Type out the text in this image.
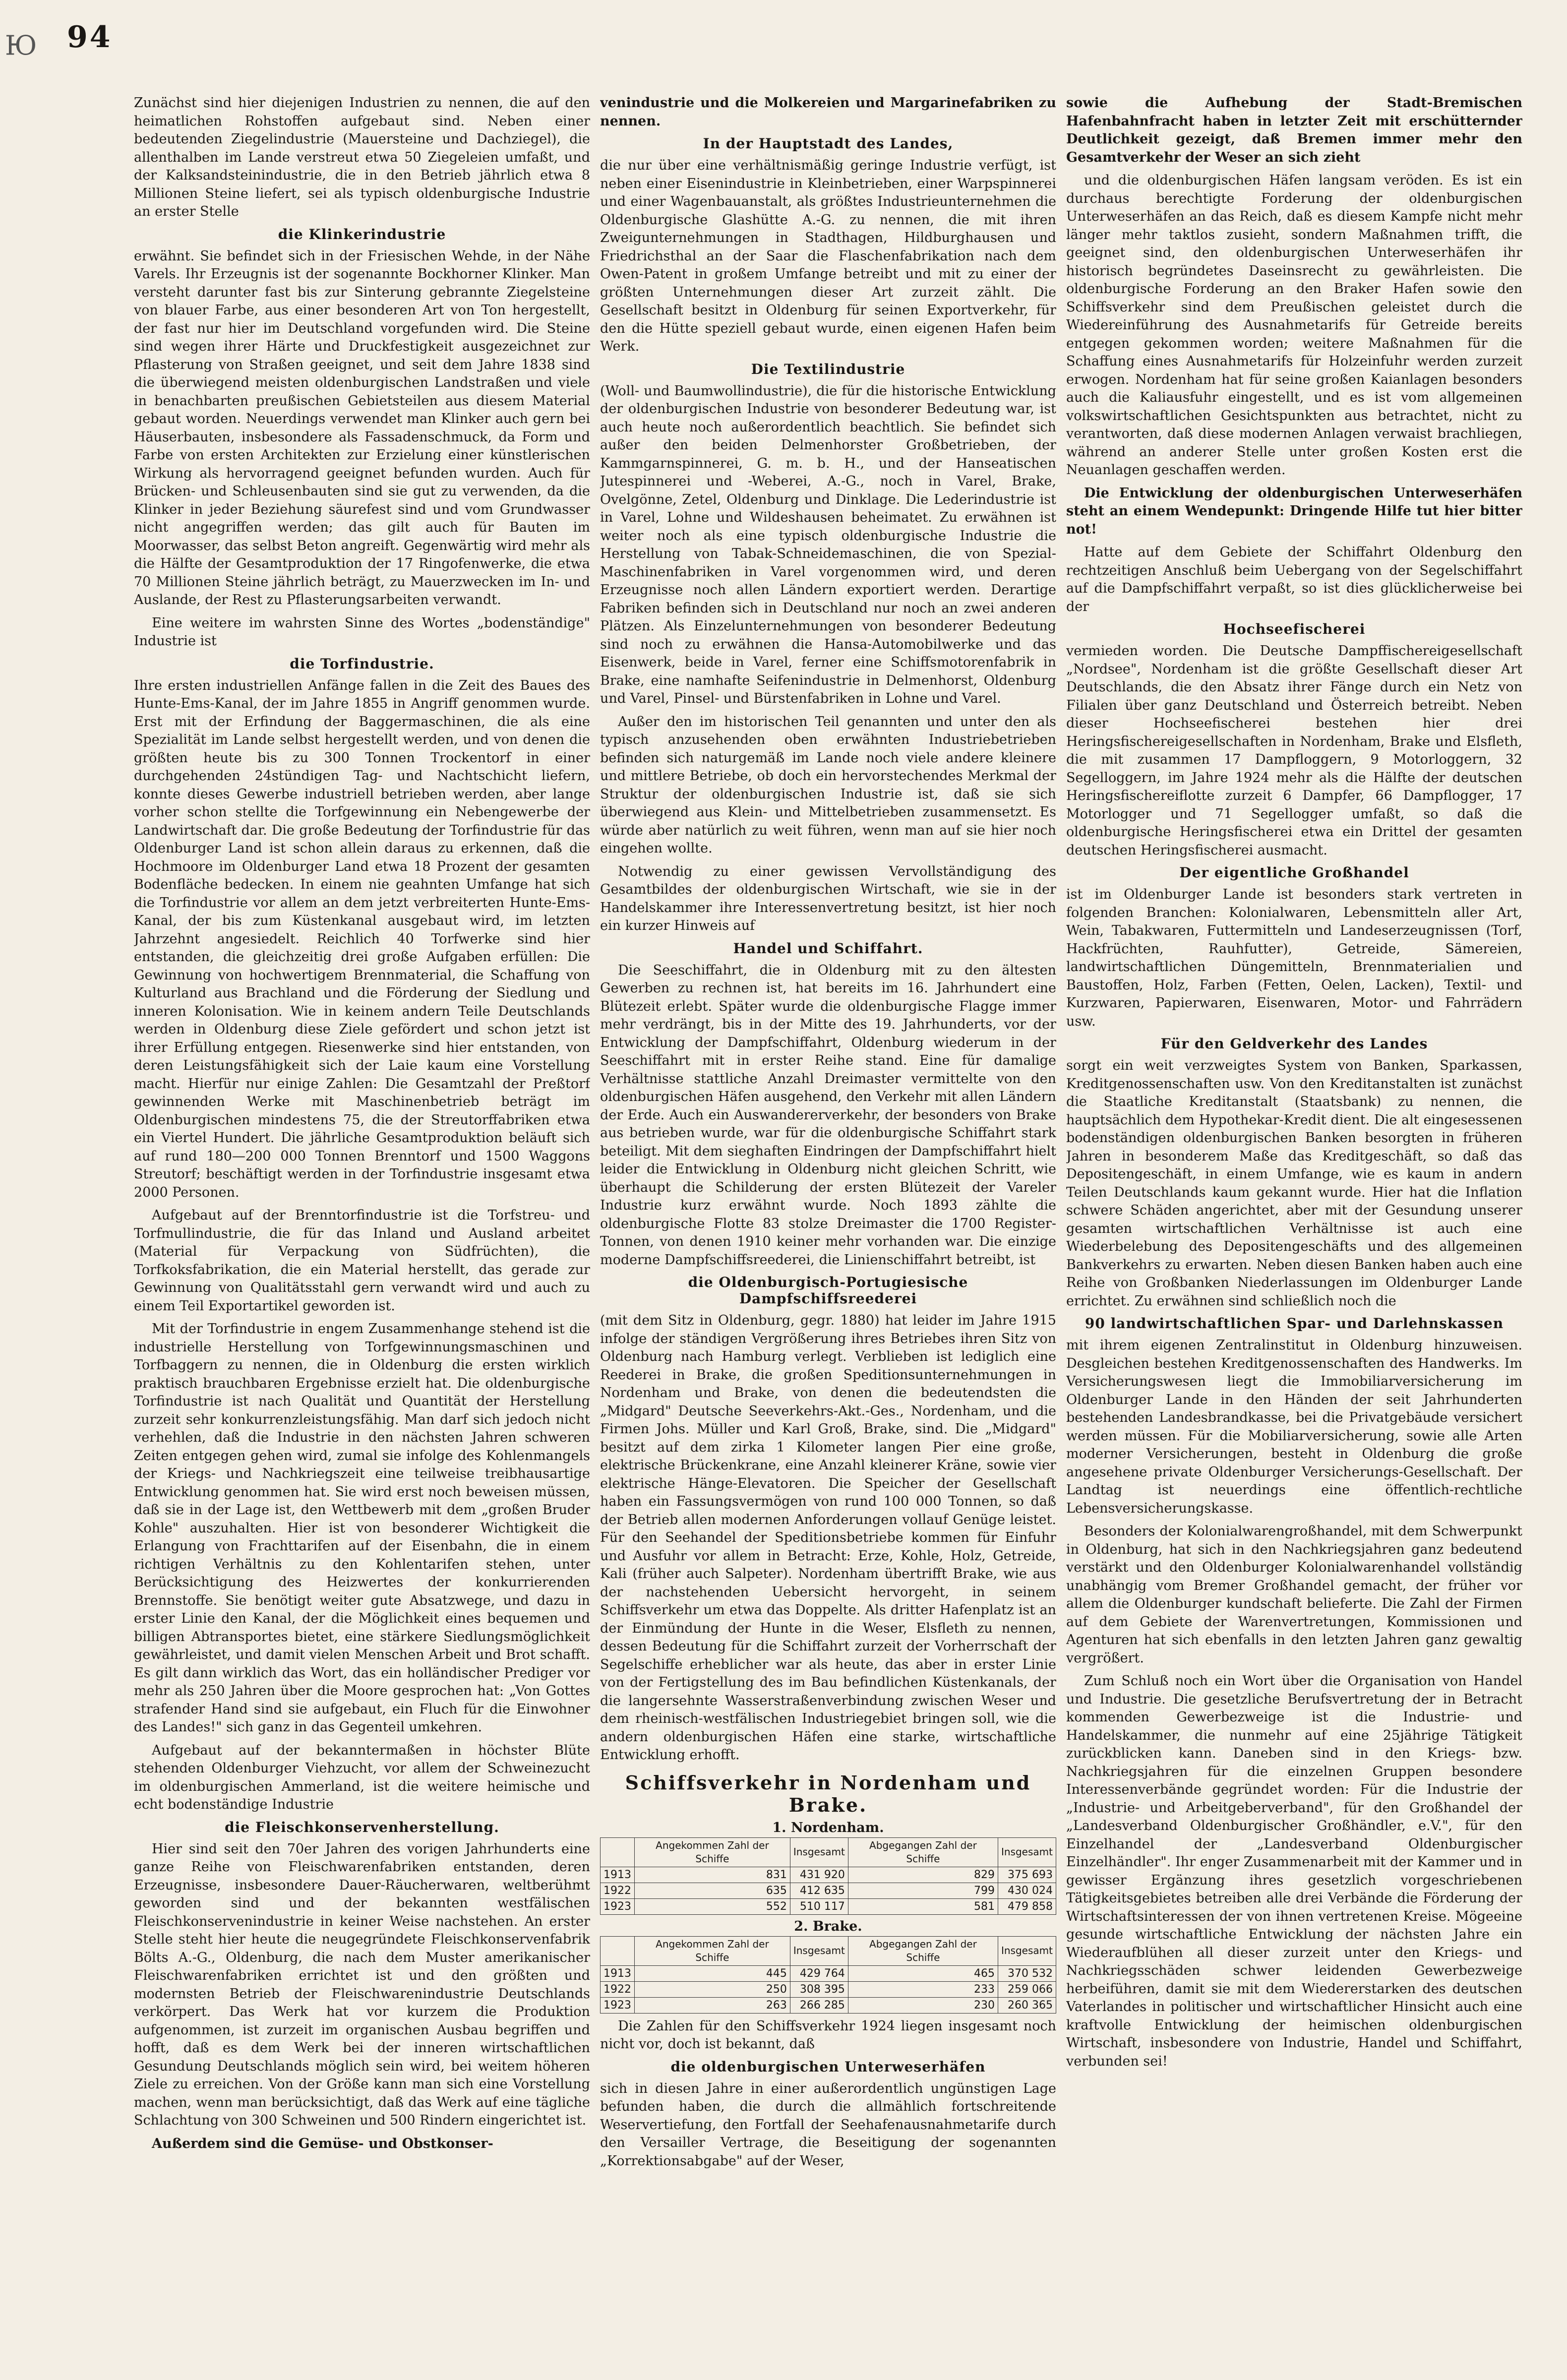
Ю 94

Zunächst sind hier diejenigen Industrien zu nennen, die auf den heimatlichen Rohstoffen aufgebaut sind. Neben einer bedeutenden Ziegelindustrie (Mauersteine und Dachziegel), die allenthalben im Lande verstreut etwa 50 Ziegeleien umfaßt, und der Kalksandsteinindustrie, die in den Betrieb jährlich etwa 8 Millionen Steine liefert, sei als typisch oldenburgische Industrie an erster Stelle

die Klinkerindustrie

erwähnt. Sie befindet sich in der Friesischen Wehde, in der Nähe Varels. Ihr Erzeugnis ist der sogenannte Bockhorner Klinker. Man versteht darunter fast bis zur Sinterung gebrannte Ziegelsteine von blauer Farbe, aus einer besonderen Art von Ton hergestellt, der fast nur hier im Deutschland vorgefunden wird. Die Steine sind wegen ihrer Härte und Druckfestigkeit ausgezeichnet zur Pflasterung von Straßen geeignet, und seit dem Jahre 1838 sind die überwiegend meisten oldenburgischen Landstraßen und viele in benachbarten preußischen Gebietsteilen aus diesem Material gebaut worden. Neuerdings verwendet man Klinker auch gern bei Häuserbauten, insbesondere als Fassadenschmuck, da Form und Farbe von ersten Architekten zur Erzielung einer künstlerischen Wirkung als hervorragend geeignet befunden wurden. Auch für Brücken- und Schleusenbauten sind sie gut zu verwenden, da die Klinker in jeder Beziehung säurefest sind und vom Grundwasser nicht angegriffen werden; das gilt auch für Bauten im Moorwasser, das selbst Beton angreift. Gegenwärtig wird mehr als die Hälfte der Gesamtproduktion der 17 Ringofenwerke, die etwa 70 Millionen Steine jährlich beträgt, zu Mauerzwecken im In- und Auslande, der Rest zu Pflasterungsarbeiten verwandt.

Eine weitere im wahrsten Sinne des Wortes „bodenständige" Industrie ist

die Torfindustrie.

Ihre ersten industriellen Anfänge fallen in die Zeit des Baues des Hunte-Ems-Kanal, der im Jahre 1855 in Angriff genommen wurde. Erst mit der Erfindung der Baggermaschinen, die als eine Spezialität im Lande selbst hergestellt werden, und von denen die größten heute bis zu 300 Tonnen Trockentorf in einer durchgehenden 24stündigen Tag- und Nachtschicht liefern, konnte dieses Gewerbe industriell betrieben werden, aber lange vorher schon stellte die Torfgewinnung ein Nebengewerbe der Landwirtschaft dar. Die große Bedeutung der Torfindustrie für das Oldenburger Land ist schon allein daraus zu erkennen, daß die Hochmoore im Oldenburger Land etwa 18 Prozent der gesamten Bodenfläche bedecken. In einem nie geahnten Umfange hat sich die Torfindustrie vor allem an dem jetzt verbreiterten Hunte-Ems-Kanal, der bis zum Küstenkanal ausgebaut wird, im letzten Jahrzehnt angesiedelt. Reichlich 40 Torfwerke sind hier entstanden, die gleichzeitig drei große Aufgaben erfüllen: Die Gewinnung von hochwertigem Brennmaterial, die Schaffung von Kulturland aus Brachland und die Förderung der Siedlung und inneren Kolonisation. Wie in keinem andern Teile Deutschlands werden in Oldenburg diese Ziele gefördert und schon jetzt ist ihrer Erfüllung entgegen. Riesenwerke sind hier entstanden, von deren Leistungsfähigkeit sich der Laie kaum eine Vorstellung macht. Hierfür nur einige Zahlen: Die Gesamtzahl der Preßtorf gewinnenden Werke mit Maschinenbetrieb beträgt im Oldenburgischen mindestens 75, die der Streutorffabriken etwa ein Viertel Hundert. Die jährliche Gesamtproduktion beläuft sich auf rund 180—200 000 Tonnen Brenntorf und 1500 Waggons Streutorf; beschäftigt werden in der Torfindustrie insgesamt etwa 2000 Personen.

Aufgebaut auf der Brenntorfindustrie ist die Torfstreu- und Torfmullindustrie, die für das Inland und Ausland arbeitet (Material für Verpackung von Südfrüchten), die Torfkoksfabrikation, die ein Material herstellt, das gerade zur Gewinnung von Qualitätsstahl gern verwandt wird und auch zu einem Teil Exportartikel geworden ist.

Mit der Torfindustrie in engem Zusammenhange stehend ist die industrielle Herstellung von Torfgewinnungsmaschinen und Torfbaggern zu nennen, die in Oldenburg die ersten wirklich praktisch brauchbaren Ergebnisse erzielt hat. Die oldenburgische Torfindustrie ist nach Qualität und Quantität der Herstellung zurzeit sehr konkurrenzleistungsfähig. Man darf sich jedoch nicht verhehlen, daß die Industrie in den nächsten Jahren schweren Zeiten entgegen gehen wird, zumal sie infolge des Kohlenmangels der Kriegs- und Nachkriegszeit eine teilweise treibhausartige Entwicklung genommen hat. Sie wird erst noch beweisen müssen, daß sie in der Lage ist, den Wettbewerb mit dem „großen Bruder Kohle" auszuhalten. Hier ist von besonderer Wichtigkeit die Erlangung von Frachttarifen auf der Eisenbahn, die in einem richtigen Verhältnis zu den Kohlentarifen stehen, unter Berücksichtigung des Heizwertes der konkurrierenden Brennstoffe. Sie benötigt weiter gute Absatzwege, und dazu in erster Linie den Kanal, der die Möglichkeit eines bequemen und billigen Abtransportes bietet, eine stärkere Siedlungsmöglichkeit gewährleistet, und damit vielen Menschen Arbeit und Brot schafft. Es gilt dann wirklich das Wort, das ein holländischer Prediger vor mehr als 250 Jahren über die Moore gesprochen hat: „Von Gottes strafender Hand sind sie aufgebaut, ein Fluch für die Einwohner des Landes!" sich ganz in das Gegenteil umkehren.

Aufgebaut auf der bekanntermaßen in höchster Blüte stehenden Oldenburger Viehzucht, vor allem der Schweinezucht im oldenburgischen Ammerland, ist die weitere heimische und echt bodenständige Industrie

die Fleischkonservenherstellung.

Hier sind seit den 70er Jahren des vorigen Jahrhunderts eine ganze Reihe von Fleischwarenfabriken entstanden, deren Erzeugnisse, insbesondere Dauer-Räucherwaren, weltberühmt geworden sind und der bekannten westfälischen Fleischkonservenindustrie in keiner Weise nachstehen. An erster Stelle steht hier heute die neugegründete Fleischkonservenfabrik Bölts A.-G., Oldenburg, die nach dem Muster amerikanischer Fleischwarenfabriken errichtet ist und den größten und modernsten Betrieb der Fleischwarenindustrie Deutschlands verkörpert. Das Werk hat vor kurzem die Produktion aufgenommen, ist zurzeit im organischen Ausbau begriffen und hofft, daß es dem Werk bei der inneren wirtschaftlichen Gesundung Deutschlands möglich sein wird, bei weitem höheren Ziele zu erreichen. Von der Größe kann man sich eine Vorstellung machen, wenn man berücksichtigt, daß das Werk auf eine tägliche Schlachtung von 300 Schweinen und 500 Rindern eingerichtet ist.

Außerdem sind die Gemüse- und Obstkonser-

venindustrie und die Molkereien und Margarinefabriken zu nennen.

In der Hauptstadt des Landes,

die nur über eine verhältnismäßig geringe Industrie verfügt, ist neben einer Eisenindustrie in Kleinbetrieben, einer Warpspinnerei und einer Wagenbauanstalt, als größtes Industrieunternehmen die Oldenburgische Glashütte A.-G. zu nennen, die mit ihren Zweigunternehmungen in Stadthagen, Hildburghausen und Friedrichsthal an der Saar die Flaschenfabrikation nach dem Owen-Patent in großem Umfange betreibt und mit zu einer der größten Unternehmungen dieser Art zurzeit zählt. Die Gesellschaft besitzt in Oldenburg für seinen Exportverkehr, für den die Hütte speziell gebaut wurde, einen eigenen Hafen beim Werk.

Die Textilindustrie

(Woll- und Baumwollindustrie), die für die historische Entwicklung der oldenburgischen Industrie von besonderer Bedeutung war, ist auch heute noch außerordentlich beachtlich. Sie befindet sich außer den beiden Delmenhorster Großbetrieben, der Kammgarnspinnerei, G. m. b. H., und der Hanseatischen Jutespinnerei und -Weberei, A.-G., noch in Varel, Brake, Ovelgönne, Zetel, Oldenburg und Dinklage. Die Lederindustrie ist in Varel, Lohne und Wildeshausen beheimatet. Zu erwähnen ist weiter noch als eine typisch oldenburgische Industrie die Herstellung von Tabak-Schneidemaschinen, die von Spezial-Maschinenfabriken in Varel vorgenommen wird, und deren Erzeugnisse noch allen Ländern exportiert werden. Derartige Fabriken befinden sich in Deutschland nur noch an zwei anderen Plätzen. Als Einzelunternehmungen von besonderer Bedeutung sind noch zu erwähnen die Hansa-Automobilwerke und das Eisenwerk, beide in Varel, ferner eine Schiffsmotorenfabrik in Brake, eine namhafte Seifenindustrie in Delmenhorst, Oldenburg und Varel, Pinsel- und Bürstenfabriken in Lohne und Varel.

Außer den im historischen Teil genannten und unter den als typisch anzusehenden oben erwähnten Industriebetrieben befinden sich naturgemäß im Lande noch viele andere kleinere und mittlere Betriebe, ob doch ein hervorstechendes Merkmal der Struktur der oldenburgischen Industrie ist, daß sie sich überwiegend aus Klein- und Mittelbetrieben zusammensetzt. Es würde aber natürlich zu weit führen, wenn man auf sie hier noch eingehen wollte.

Notwendig zu einer gewissen Vervollständigung des Gesamtbildes der oldenburgischen Wirtschaft, wie sie in der Handelskammer ihre Interessenvertretung besitzt, ist hier noch ein kurzer Hinweis auf

Handel und Schiffahrt.

Die Seeschiffahrt, die in Oldenburg mit zu den ältesten Gewerben zu rechnen ist, hat bereits im 16. Jahrhundert eine Blütezeit erlebt. Später wurde die oldenburgische Flagge immer mehr verdrängt, bis in der Mitte des 19. Jahrhunderts, vor der Entwicklung der Dampfschiffahrt, Oldenburg wiederum in der Seeschiffahrt mit in erster Reihe stand. Eine für damalige Verhältnisse stattliche Anzahl Dreimaster vermittelte von den oldenburgischen Häfen ausgehend, den Verkehr mit allen Ländern der Erde. Auch ein Auswandererverkehr, der besonders von Brake aus betrieben wurde, war für die oldenburgische Schiffahrt stark beteiligt. Mit dem sieghaften Eindringen der Dampfschiffahrt hielt leider die Entwicklung in Oldenburg nicht gleichen Schritt, wie überhaupt die Schilderung der ersten Blütezeit der Vareler Industrie kurz erwähnt wurde. Noch 1893 zählte die oldenburgische Flotte 83 stolze Dreimaster die 1700 Register-Tonnen, von denen 1910 keiner mehr vorhanden war. Die einzige moderne Dampfschiffsreederei, die Linienschiffahrt betreibt, ist

die Oldenburgisch-Portugiesische Dampfschiffsreederei

(mit dem Sitz in Oldenburg, gegr. 1880) hat leider im Jahre 1915 infolge der ständigen Vergrößerung ihres Betriebes ihren Sitz von Oldenburg nach Hamburg verlegt. Verblieben ist lediglich eine Reederei in Brake, die großen Speditionsunternehmungen in Nordenham und Brake, von denen die bedeutendsten die „Midgard" Deutsche Seeverkehrs-Akt.-Ges., Nordenham, und die Firmen Johs. Müller und Karl Groß, Brake, sind. Die „Midgard" besitzt auf dem zirka 1 Kilometer langen Pier eine große, elektrische Brückenkrane, eine Anzahl kleinerer Kräne, sowie vier elektrische Hänge-Elevatoren. Die Speicher der Gesellschaft haben ein Fassungsvermögen von rund 100 000 Tonnen, so daß der Betrieb allen modernen Anforderungen vollauf Genüge leistet. Für den Seehandel der Speditionsbetriebe kommen für Einfuhr und Ausfuhr vor allem in Betracht: Erze, Kohle, Holz, Getreide, Kali (früher auch Salpeter). Nordenham übertrifft Brake, wie aus der nachstehenden Uebersicht hervorgeht, in seinem Schiffsverkehr um etwa das Doppelte. Als dritter Hafenplatz ist an der Einmündung der Hunte in die Weser, Elsfleth zu nennen, dessen Bedeutung für die Schiffahrt zurzeit der Vorherrschaft der Segelschiffe erheblicher war als heute, das aber in erster Linie von der Fertigstellung des im Bau befindlichen Küstenkanals, der die langersehnte Wasserstraßenverbindung zwischen Weser und dem rheinisch-westfälischen Industriegebiet bringen soll, wie die andern oldenburgischen Häfen eine starke, wirtschaftliche Entwicklung erhofft.

Schiffsverkehr in Nordenham und Brake.
1. Nordenham.
	Angekommen Zahl der Schiffe	Insgesamt	Abgegangen Zahl der Schiffe	Insgesamt
1913	831	431 920	829	375 693
1922	635	412 635	799	430 024
1923	552	510 117	581	479 858
2. Brake.
	Angekommen Zahl der Schiffe	Insgesamt	Abgegangen Zahl der Schiffe	Insgesamt
1913	445	429 764	465	370 532
1922	250	308 395	233	259 066
1923	263	266 285	230	260 365

Die Zahlen für den Schiffsverkehr 1924 liegen insgesamt noch nicht vor, doch ist bekannt, daß

die oldenburgischen Unterweserhäfen

sich in diesen Jahre in einer außerordentlich ungünstigen Lage befunden haben, die durch die allmählich fortschreitende Weservertiefung, den Fortfall der Seehafenausnahmetarife durch den Versailler Vertrage, die Beseitigung der sogenannten „Korrektionsabgabe" auf der Weser,

sowie die Aufhebung der Stadt-Bremischen Hafenbahnfracht haben in letzter Zeit mit erschütternder Deutlichkeit gezeigt, daß Bremen immer mehr den Gesamtverkehr der Weser an sich zieht

und die oldenburgischen Häfen langsam veröden. Es ist ein durchaus berechtigte Forderung der oldenburgischen Unterweserhäfen an das Reich, daß es diesem Kampfe nicht mehr länger mehr taktlos zusieht, sondern Maßnahmen trifft, die geeignet sind, den oldenburgischen Unterweserhäfen ihr historisch begründetes Daseinsrecht zu gewährleisten. Die oldenburgische Forderung an den Braker Hafen sowie den Schiffsverkehr sind dem Preußischen geleistet durch die Wiedereinführung des Ausnahmetarifs für Getreide bereits entgegen gekommen worden; weitere Maßnahmen für die Schaffung eines Ausnahmetarifs für Holzeinfuhr werden zurzeit erwogen. Nordenham hat für seine großen Kaianlagen besonders auch die Kaliausfuhr eingestellt, und es ist vom allgemeinen volkswirtschaftlichen Gesichtspunkten aus betrachtet, nicht zu verantworten, daß diese modernen Anlagen verwaist brachliegen, während an anderer Stelle unter großen Kosten erst die Neuanlagen geschaffen werden.

Die Entwicklung der oldenburgischen Unterweserhäfen steht an einem Wendepunkt: Dringende Hilfe tut hier bitter not!

Hatte auf dem Gebiete der Schiffahrt Oldenburg den rechtzeitigen Anschluß beim Uebergang von der Segelschiffahrt auf die Dampfschiffahrt verpaßt, so ist dies glücklicherweise bei der

Hochseefischerei

vermieden worden. Die Deutsche Dampffischereigesellschaft „Nordsee", Nordenham ist die größte Gesellschaft dieser Art Deutschlands, die den Absatz ihrer Fänge durch ein Netz von Filialen über ganz Deutschland und Österreich betreibt. Neben dieser Hochseefischerei bestehen hier drei Heringsfischereigesellschaften in Nordenham, Brake und Elsfleth, die mit zusammen 17 Dampfloggern, 9 Motorloggern, 32 Segelloggern, im Jahre 1924 mehr als die Hälfte der deutschen Heringsfischereiflotte zurzeit 6 Dampfer, 66 Dampflogger, 17 Motorlogger und 71 Segellogger umfaßt, so daß die oldenburgische Heringsfischerei etwa ein Drittel der gesamten deutschen Heringsfischerei ausmacht.

Der eigentliche Großhandel

ist im Oldenburger Lande ist besonders stark vertreten in folgenden Branchen: Kolonialwaren, Lebensmitteln aller Art, Wein, Tabakwaren, Futtermitteln und Landeserzeugnissen (Torf, Hackfrüchten, Rauhfutter), Getreide, Sämereien, landwirtschaftlichen Düngemitteln, Brennmaterialien und Baustoffen, Holz, Farben (Fetten, Oelen, Lacken), Textil- und Kurzwaren, Papierwaren, Eisenwaren, Motor- und Fahrrädern usw.

Für den Geldverkehr des Landes

sorgt ein weit verzweigtes System von Banken, Sparkassen, Kreditgenossenschaften usw. Von den Kreditanstalten ist zunächst die Staatliche Kreditanstalt (Staatsbank) zu nennen, die hauptsächlich dem Hypothekar-Kredit dient. Die alt eingesessenen bodenständigen oldenburgischen Banken besorgten in früheren Jahren in besonderem Maße das Kreditgeschäft, so daß das Depositengeschäft, in einem Umfange, wie es kaum in andern Teilen Deutschlands kaum gekannt wurde. Hier hat die Inflation schwere Schäden angerichtet, aber mit der Gesundung unserer gesamten wirtschaftlichen Verhältnisse ist auch eine Wiederbelebung des Depositengeschäfts und des allgemeinen Bankverkehrs zu erwarten. Neben diesen Banken haben auch eine Reihe von Großbanken Niederlassungen im Oldenburger Lande errichtet. Zu erwähnen sind schließlich noch die

90 landwirtschaftlichen Spar- und Darlehnskassen

mit ihrem eigenen Zentralinstitut in Oldenburg hinzuweisen. Desgleichen bestehen Kreditgenossenschaften des Handwerks. Im Versicherungswesen liegt die Immobiliarversicherung im Oldenburger Lande in den Händen der seit Jahrhunderten bestehenden Landesbrandkasse, bei die Privatgebäude versichert werden müssen. Für die Mobiliarversicherung, sowie alle Arten moderner Versicherungen, besteht in Oldenburg die große angesehene private Oldenburger Versicherungs-Gesellschaft. Der Landtag ist neuerdings eine öffentlich-rechtliche Lebensversicherungskasse.

Besonders der Kolonialwarengroßhandel, mit dem Schwerpunkt in Oldenburg, hat sich in den Nachkriegsjahren ganz bedeutend verstärkt und den Oldenburger Kolonialwarenhandel vollständig unabhängig vom Bremer Großhandel gemacht, der früher vor allem die Oldenburger kundschaft belieferte. Die Zahl der Firmen auf dem Gebiete der Warenvertretungen, Kommissionen und Agenturen hat sich ebenfalls in den letzten Jahren ganz gewaltig vergrößert.

Zum Schluß noch ein Wort über die Organisation von Handel und Industrie. Die gesetzliche Berufsvertretung der in Betracht kommenden Gewerbezweige ist die Industrie- und Handelskammer, die nunmehr auf eine 25jährige Tätigkeit zurückblicken kann. Daneben sind in den Kriegs- bzw. Nachkriegsjahren für die einzelnen Gruppen besondere Interessenverbände gegründet worden: Für die Industrie der „Industrie- und Arbeitgeberverband", für den Großhandel der „Landesverband Oldenburgischer Großhändler, e.V.", für den Einzelhandel der „Landesverband Oldenburgischer Einzelhändler". Ihr enger Zusammenarbeit mit der Kammer und in gewisser Ergänzung ihres gesetzlich vorgeschriebenen Tätigkeitsgebietes betreiben alle drei Verbände die Förderung der Wirtschaftsinteressen der von ihnen vertretenen Kreise. Mögeeine gesunde wirtschaftliche Entwicklung der nächsten Jahre ein Wiederaufblühen all dieser zurzeit unter den Kriegs- und Nachkriegsschäden schwer leidenden Gewerbezweige herbeiführen, damit sie mit dem Wiedererstarken des deutschen Vaterlandes in politischer und wirtschaftlicher Hinsicht auch eine kraftvolle Entwicklung der heimischen oldenburgischen Wirtschaft, insbesondere von Industrie, Handel und Schiffahrt, verbunden sei!
